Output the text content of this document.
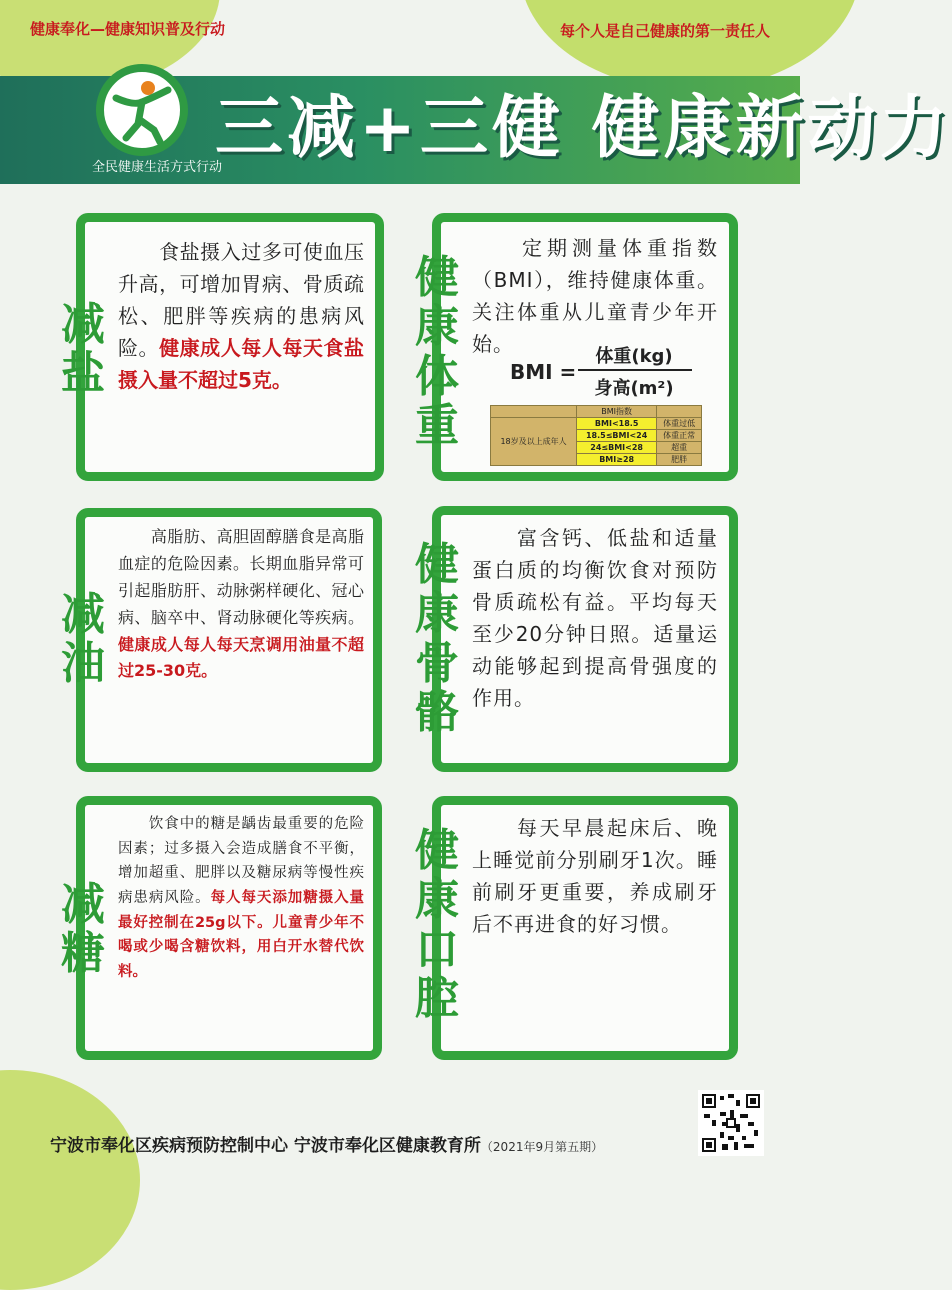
健康奉化—健康知识普及行动	每个人是自己健康的第一责任人
全民健康生活方式行动
三减+三健 健康新动力
减盐
　　食盐摄入过多可使血压升高，可增加胃病、骨质疏松、肥胖等疾病的患病风险。健康成人每人每天食盐摄入量不超过5克。
健康体重
　　定期测量体重指数（BMI），维持健康体重。关注体重从儿童青少年开始。
BMI =
体重(kg)
身高(m²)
	BMI指数	
18岁及以上成年人	BMI<18.5	体重过低
	18.5≤BMI<24	体重正常
	24≤BMI<28	超重
	BMI≥28	肥胖
减油
　　高脂肪、高胆固醇膳食是高脂血症的危险因素。长期血脂异常可引起脂肪肝、动脉粥样硬化、冠心病、脑卒中、肾动脉硬化等疾病。健康成人每人每天烹调用油量不超过25-30克。
健康骨骼
　　富含钙、低盐和适量蛋白质的均衡饮食对预防骨质疏松有益。平均每天至少20分钟日照。适量运动能够起到提高骨强度的作用。
减糖
　　饮食中的糖是龋齿最重要的危险因素；过多摄入会造成膳食不平衡，增加超重、肥胖以及糖尿病等慢性疾病患病风险。每人每天添加糖摄入量最好控制在25g以下。儿童青少年不喝或少喝含糖饮料，用白开水替代饮料。
健康口腔
　　每天早晨起床后、晚上睡觉前分别刷牙1次。睡前刷牙更重要，养成刷牙后不再进食的好习惯。
宁波市奉化区疾病预防控制中心 宁波市奉化区健康教育所（2021年9月第五期）
